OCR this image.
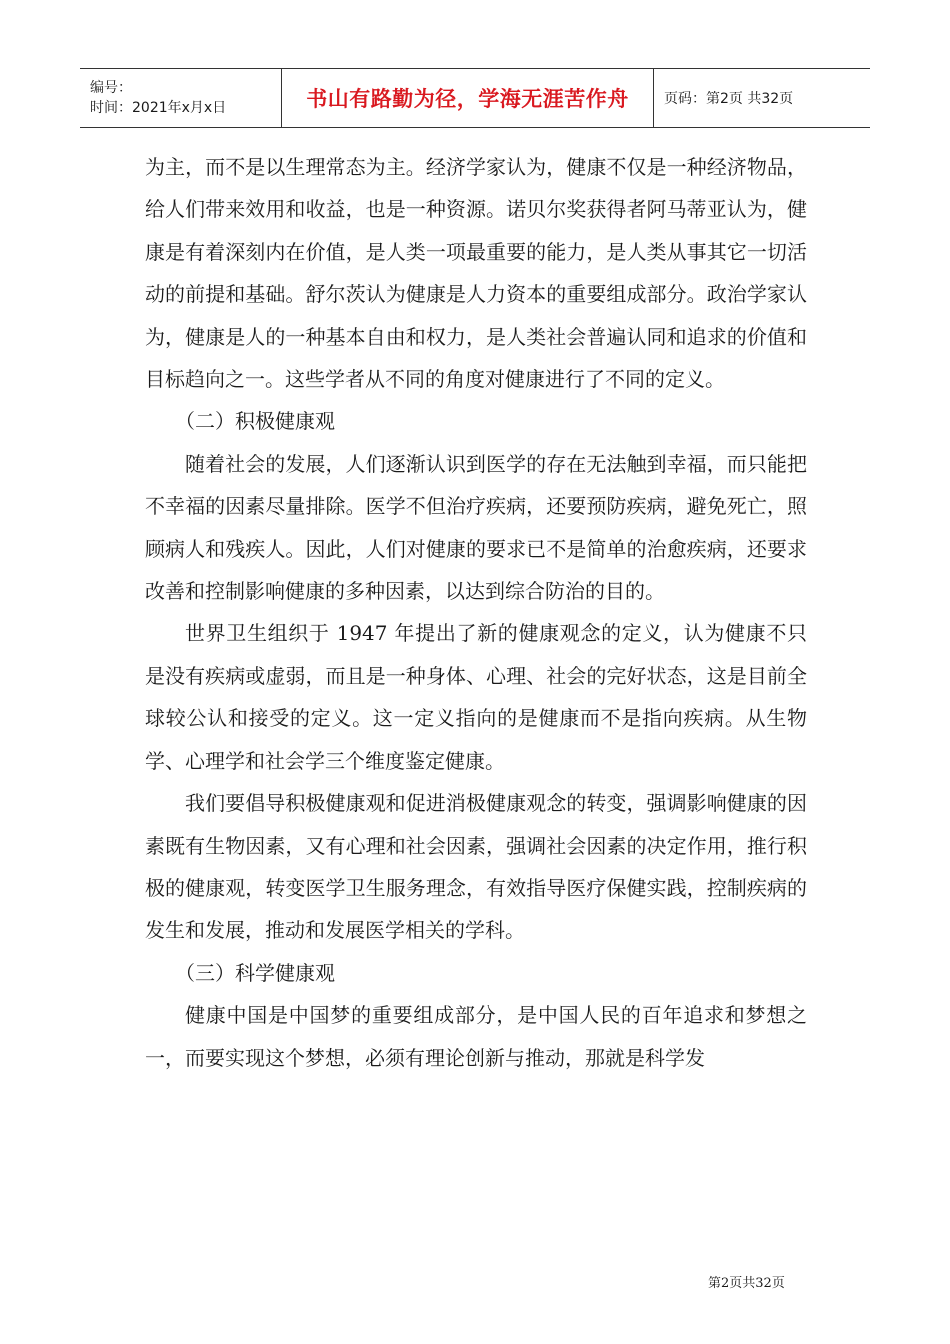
编号：
时间：2021年x月x日	书山有路勤为径，学海无涯苦作舟	页码：第2页 共32页

为主，而不是以生理常态为主。经济学家认为，健康不仅是一种经济物品，给人们带来效用和收益，也是一种资源。诺贝尔奖获得者阿马蒂亚认为，健康是有着深刻内在价值，是人类一项最重要的能力，是人类从事其它一切活动的前提和基础。舒尔茨认为健康是人力资本的重要组成部分。政治学家认为，健康是人的一种基本自由和权力，是人类社会普遍认同和追求的价值和目标趋向之一。这些学者从不同的角度对健康进行了不同的定义。

（二）积极健康观

随着社会的发展，人们逐渐认识到医学的存在无法触到幸福，而只能把不幸福的因素尽量排除。医学不但治疗疾病，还要预防疾病，避免死亡，照顾病人和残疾人。因此，人们对健康的要求已不是简单的治愈疾病，还要求改善和控制影响健康的多种因素，以达到综合防治的目的。

世界卫生组织于 1947 年提出了新的健康观念的定义，认为健康不只是没有疾病或虚弱，而且是一种身体、心理、社会的完好状态，这是目前全球较公认和接受的定义。这一定义指向的是健康而不是指向疾病。从生物学、心理学和社会学三个维度鉴定健康。

我们要倡导积极健康观和促进消极健康观念的转变，强调影响健康的因素既有生物因素，又有心理和社会因素，强调社会因素的决定作用，推行积极的健康观，转变医学卫生服务理念，有效指导医疗保健实践，控制疾病的发生和发展，推动和发展医学相关的学科。

（三）科学健康观

健康中国是中国梦的重要组成部分，是中国人民的百年追求和梦想之一，而要实现这个梦想，必须有理论创新与推动，那就是科学发

第2页共32页
